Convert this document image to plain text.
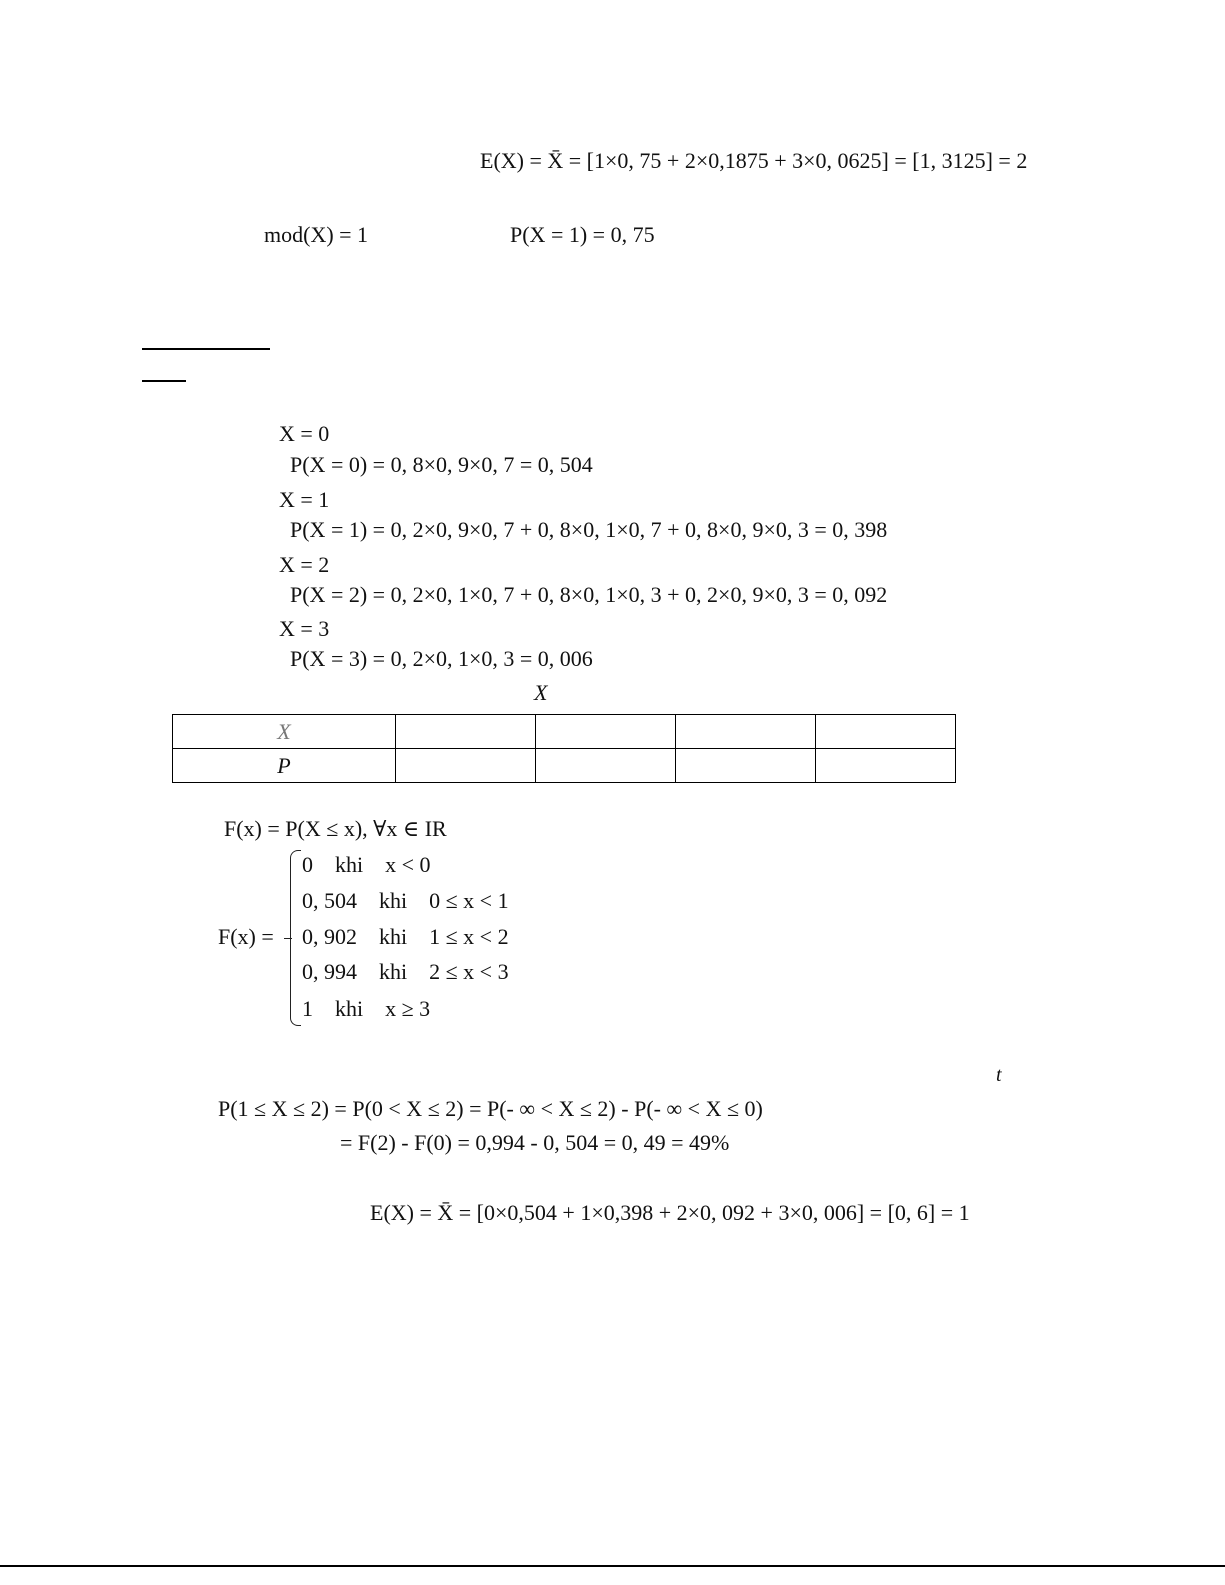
E(X) = X̄ = [1×0, 75 + 2×0,1875 + 3×0, 0625] = [1, 3125] = 2
mod(X) = 1	P(X = 1) = 0, 75
X = 0
P(X = 0) = 0, 8×0, 9×0, 7 = 0, 504
X = 1
P(X = 1) = 0, 2×0, 9×0, 7 + 0, 8×0, 1×0, 7 + 0, 8×0, 9×0, 3 = 0, 398
X = 2
P(X = 2) = 0, 2×0, 1×0, 7 + 0, 8×0, 1×0, 3 + 0, 2×0, 9×0, 3 = 0, 092
X = 3
P(X = 3) = 0, 2×0, 1×0, 3 = 0, 006
X
X				
P				
F(x) = P(X ≤ x), ∀x ∈ IR
F(x) =
0    khi    x < 0
0, 504    khi    0 ≤ x < 1
0, 902    khi    1 ≤ x < 2
0, 994    khi    2 ≤ x < 3
1    khi    x ≥ 3
t
P(1 ≤ X ≤ 2) = P(0 < X ≤ 2) = P(- ∞ < X ≤ 2) - P(- ∞ < X ≤ 0)
= F(2) - F(0) = 0,994 - 0, 504 = 0, 49 = 49%
E(X) = X̄ = [0×0,504 + 1×0,398 + 2×0, 092 + 3×0, 006] = [0, 6] = 1
